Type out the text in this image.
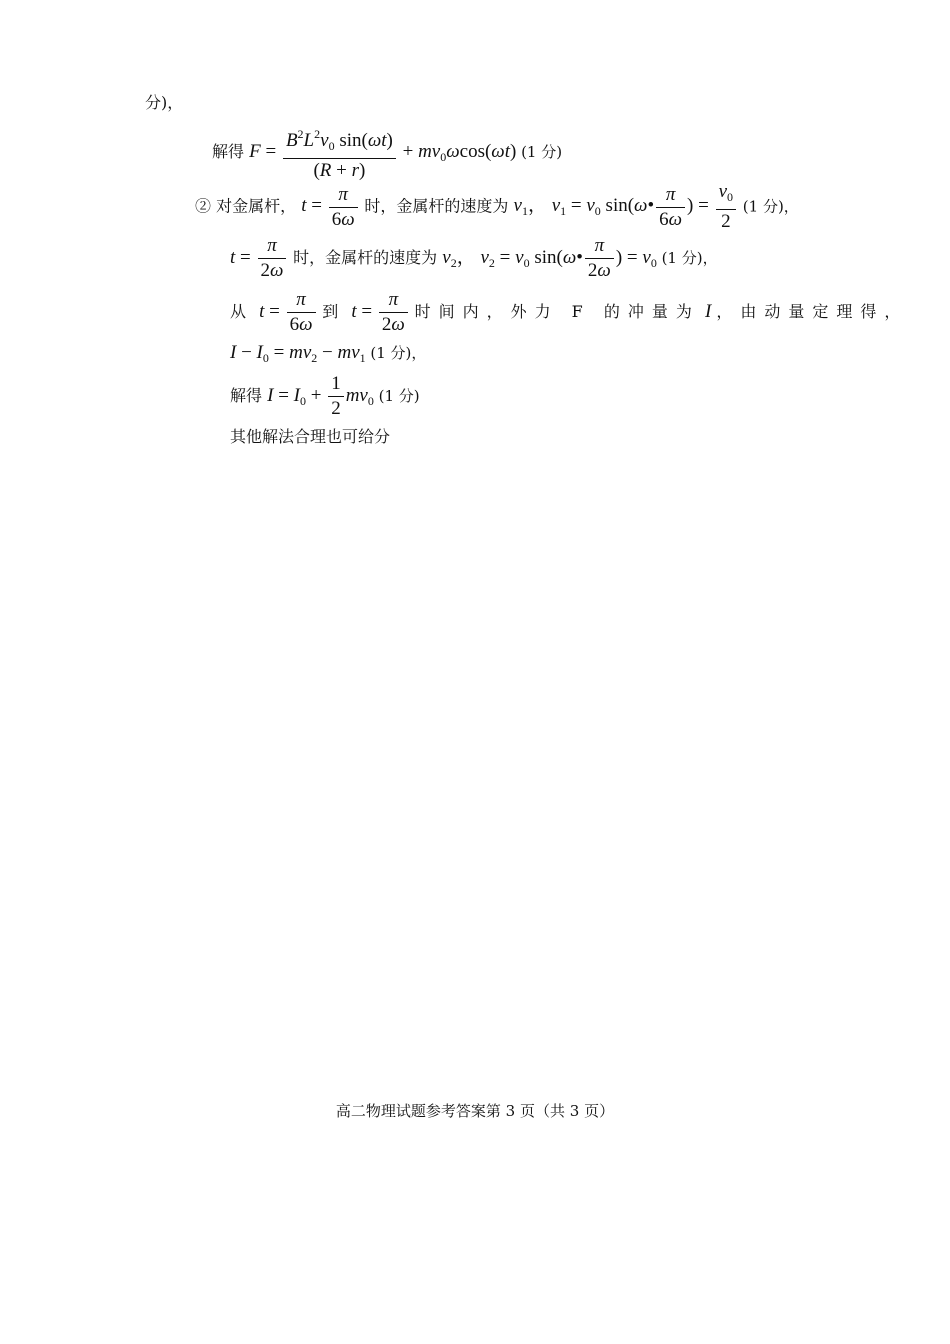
分)，
解得 $F = \frac{B^2L^2v_0 \sin(\omega t)}{(R + r)} + mv_0\omega\cos(\omega t)$ (1 分)
② 对金属杆， $t = \frac{\pi}{6\omega}$ 时，金属杆的速度为 $v_1$， $v_1 = v_0$ sin(ω• $\frac{\pi}{6\omega}$ ) = $\frac{v_0}{2} (1$ 分)，
$t = \frac{\pi}{2\omega}$ 时，金属杆的速度为 $v_2$， $v_2 = v_0$ sin(ω• $\frac{\pi}{2\omega}$ ) = $v_0$ (1 分)，
从 $t = \frac{\pi}{6\omega}$ 到 $t = \frac{\pi}{2\omega}$ 时间内，外力 F 的冲量为 I ，由动量定理得，
$I - I_0 = mv_2 - mv_1$ (1 分)，
解得 $I = I_0 + \frac{1}{2} mv_0$ (1 分)
其他解法合理也可给分
高二物理试题参考答案第 3 页（共 3 页）
